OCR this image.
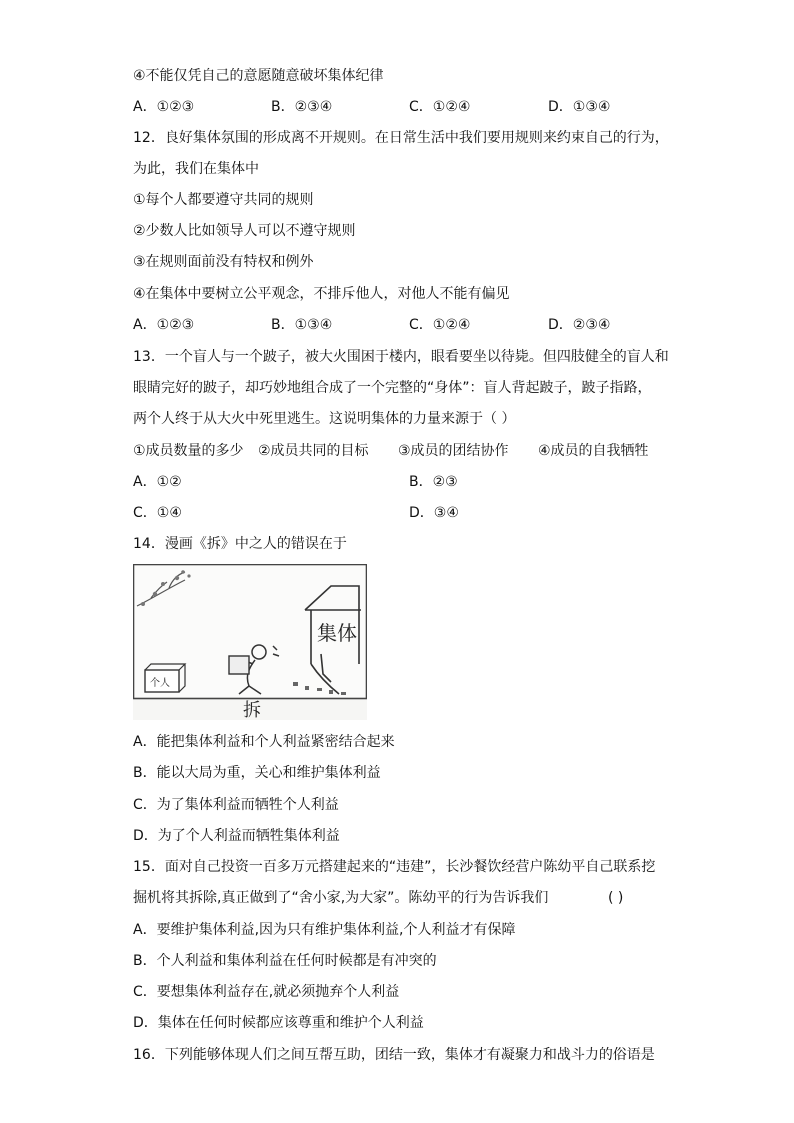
④不能仅凭自己的意愿随意破坏集体纪律
A．①②③	B．②③④	C．①②④	D．①③④
12．良好集体氛围的形成离不开规则。在日常生活中我们要用规则来约束自己的行为，
为此，我们在集体中
①每个人都要遵守共同的规则
②少数人比如领导人可以不遵守规则
③在规则面前没有特权和例外
④在集体中要树立公平观念，不排斥他人，对他人不能有偏见
A．①②③	B．①③④	C．①②④	D．②③④
13．一个盲人与一个跛子，被大火围困于楼内，眼看要坐以待毙。但四肢健全的盲人和
眼睛完好的跛子，却巧妙地组合成了一个完整的“身体”：盲人背起跛子，跛子指路，
两个人终于从大火中死里逃生。这说明集体的力量来源于（ ）
①成员数量的多少 ②成员共同的目标 ③成员的团结协作 ④成员的自我牺牲
A．①②	B．②③
C．①④	D．③④
14．漫画《拆》中之人的错误在于
集体
个人
拆
A．能把集体利益和个人利益紧密结合起来
B．能以大局为重，关心和维护集体利益
C．为了集体利益而牺牲个人利益
D．为了个人利益而牺牲集体利益
15．面对自己投资一百多万元搭建起来的“违建”，长沙餐饮经营户陈幼平自己联系挖
掘机将其拆除,真正做到了“舍小家,为大家”。陈幼平的行为告诉我们	( )
A．要维护集体利益,因为只有维护集体利益,个人利益才有保障
B．个人利益和集体利益在任何时候都是有冲突的
C．要想集体利益存在,就必须抛弃个人利益
D．集体在任何时候都应该尊重和维护个人利益
16．下列能够体现人们之间互帮互助，团结一致，集体才有凝聚力和战斗力的俗语是
